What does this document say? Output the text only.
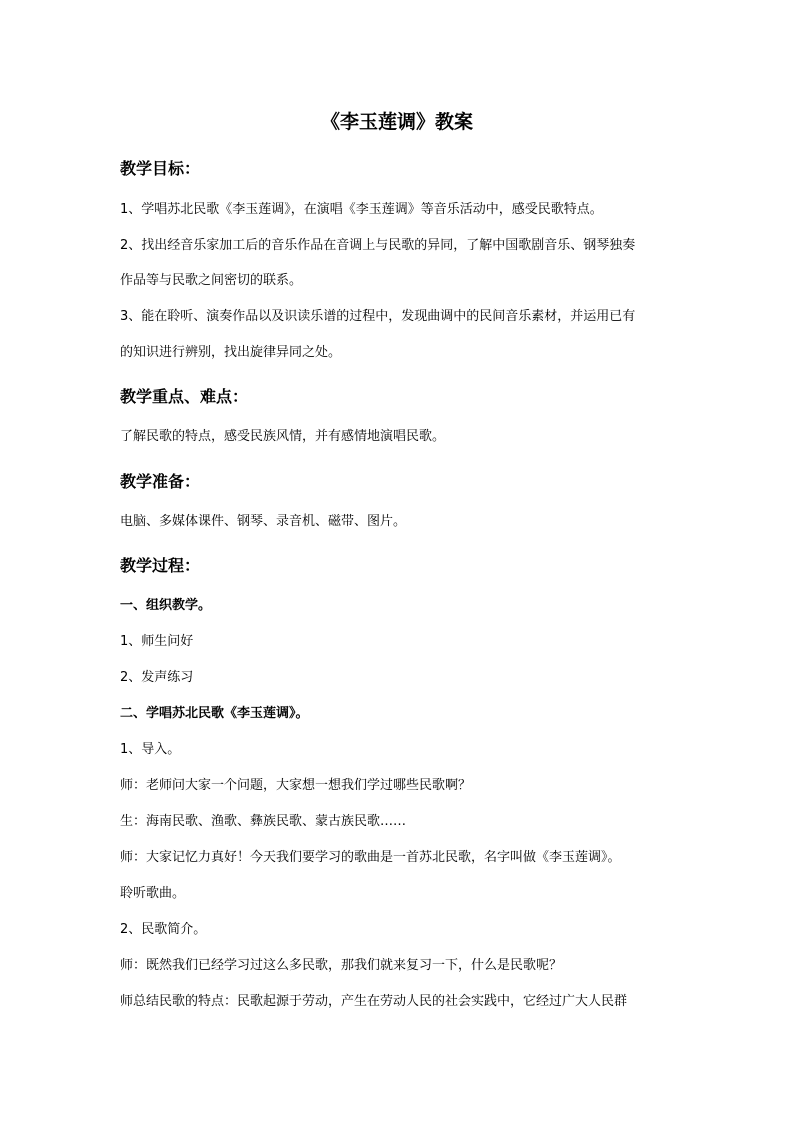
《李玉莲调》教案
教学目标：
1、学唱苏北民歌《李玉莲调》，在演唱《李玉莲调》等音乐活动中，感受民歌特点。
2、找出经音乐家加工后的音乐作品在音调上与民歌的异同，了解中国歌剧音乐、钢琴独奏
作品等与民歌之间密切的联系。
3、能在聆听、演奏作品以及识读乐谱的过程中，发现曲调中的民间音乐素材，并运用已有
的知识进行辨别，找出旋律异同之处。
教学重点、难点：
了解民歌的特点，感受民族风情，并有感情地演唱民歌。
教学准备：
电脑、多媒体课件、钢琴、录音机、磁带、图片。
教学过程：
一、组织教学。
1、师生问好
2、发声练习
二、学唱苏北民歌《李玉莲调》。
1、导入。
师：老师问大家一个问题，大家想一想我们学过哪些民歌啊？
生：海南民歌、渔歌、彝族民歌、蒙古族民歌……
师：大家记忆力真好！今天我们要学习的歌曲是一首苏北民歌，名字叫做《李玉莲调》。
聆听歌曲。
2、民歌简介。
师：既然我们已经学习过这么多民歌，那我们就来复习一下，什么是民歌呢？
师总结民歌的特点：民歌起源于劳动，产生在劳动人民的社会实践中，它经过广大人民群
